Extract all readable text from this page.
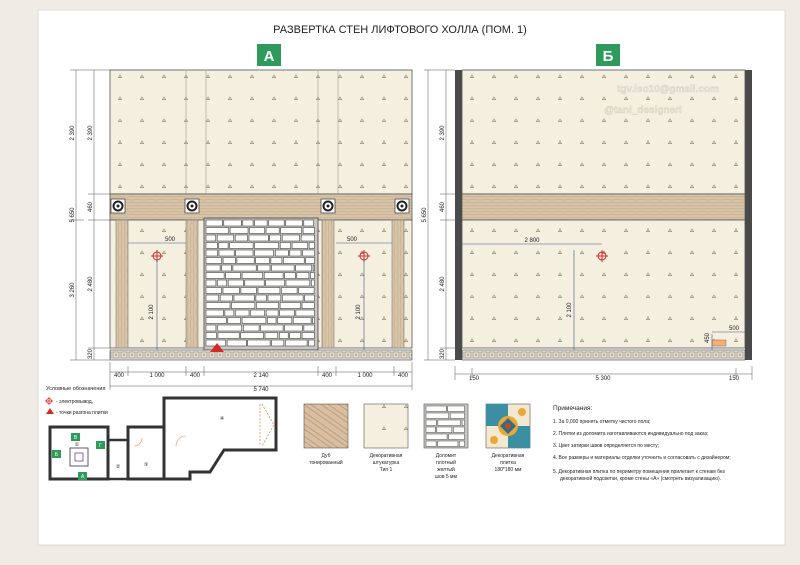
РАЗВЕРТКА СТЕН ЛИФТОВОГО ХОЛЛА (ПОМ. 1)
А
500	500
2 100	2 100
2 390
460
2 480
320
5 650
3 260
2 390
400	1 000	400	2 140	400	1 000	400
5 740
Б
tgv.iso10@gmail.com
@tani_designeri
2 800
2 100
500
450
2 390
460
2 480
320
5 650
150	5 300	150
Условные обозначения
- электровывод,
- точки разгона плитки
Б
В
Г
А
①
②	③
④
Дуб
тонированный
Декоративная
штукатурка
Тип 1
Доломит
плотный
желтый
шов 5 мм
Декоративная
плитка
180*180 мм
Примечания:
1. За 0,000 принять отметку чистого пола;
2. Плитки из доломита изготавливаются индивидуально под заказ;
3. Цвет затирки швов определяется по месту;
4. Все размеры и материалы отделки уточнить и согласовать с дизайнером;
5. Декоративная плитка по периметру помещения прилегает к стенам без
декоративной подсветки, кроме стены «А» (смотреть визуализацию).
